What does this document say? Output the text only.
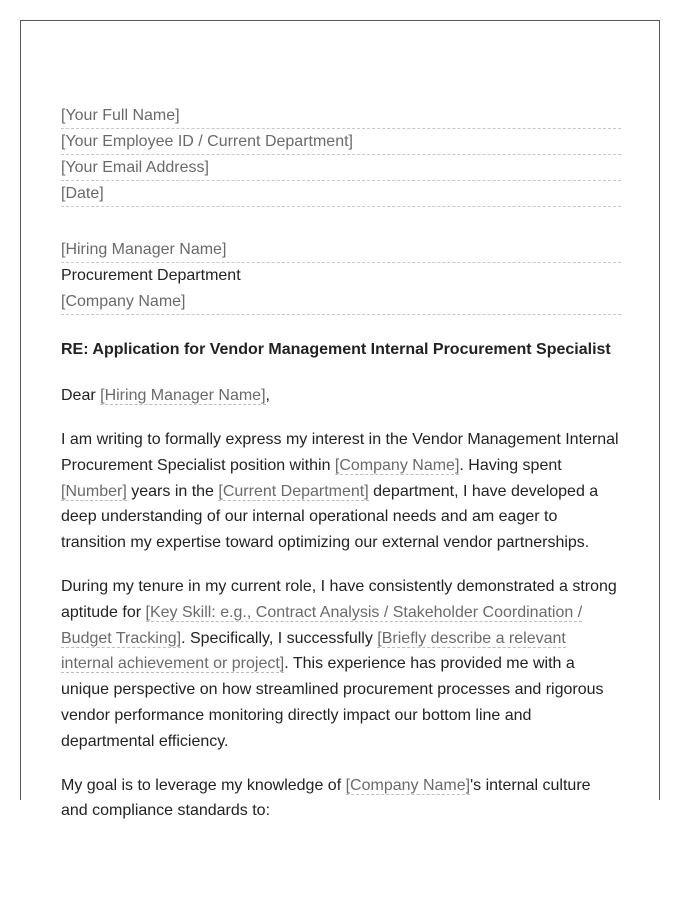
[Your Full Name]
[Your Employee ID / Current Department]
[Your Email Address]
[Date]
[Hiring Manager Name]
Procurement Department
[Company Name]
RE: Application for Vendor Management Internal Procurement Specialist
Dear [Hiring Manager Name],

I am writing to formally express my interest in the Vendor Management Internal Procurement Specialist position within [Company Name]. Having spent [Number] years in the [Current Department] department, I have developed a deep understanding of our internal operational needs and am eager to transition my expertise toward optimizing our external vendor partnerships.

During my tenure in my current role, I have consistently demonstrated a strong aptitude for [Key Skill: e.g., Contract Analysis / Stakeholder Coordination / Budget Tracking]. Specifically, I successfully [Briefly describe a relevant internal achievement or project]. This experience has provided me with a unique perspective on how streamlined procurement processes and rigorous vendor performance monitoring directly impact our bottom line and departmental efficiency.

My goal is to leverage my knowledge of [Company Name]'s internal culture and compliance standards to:
